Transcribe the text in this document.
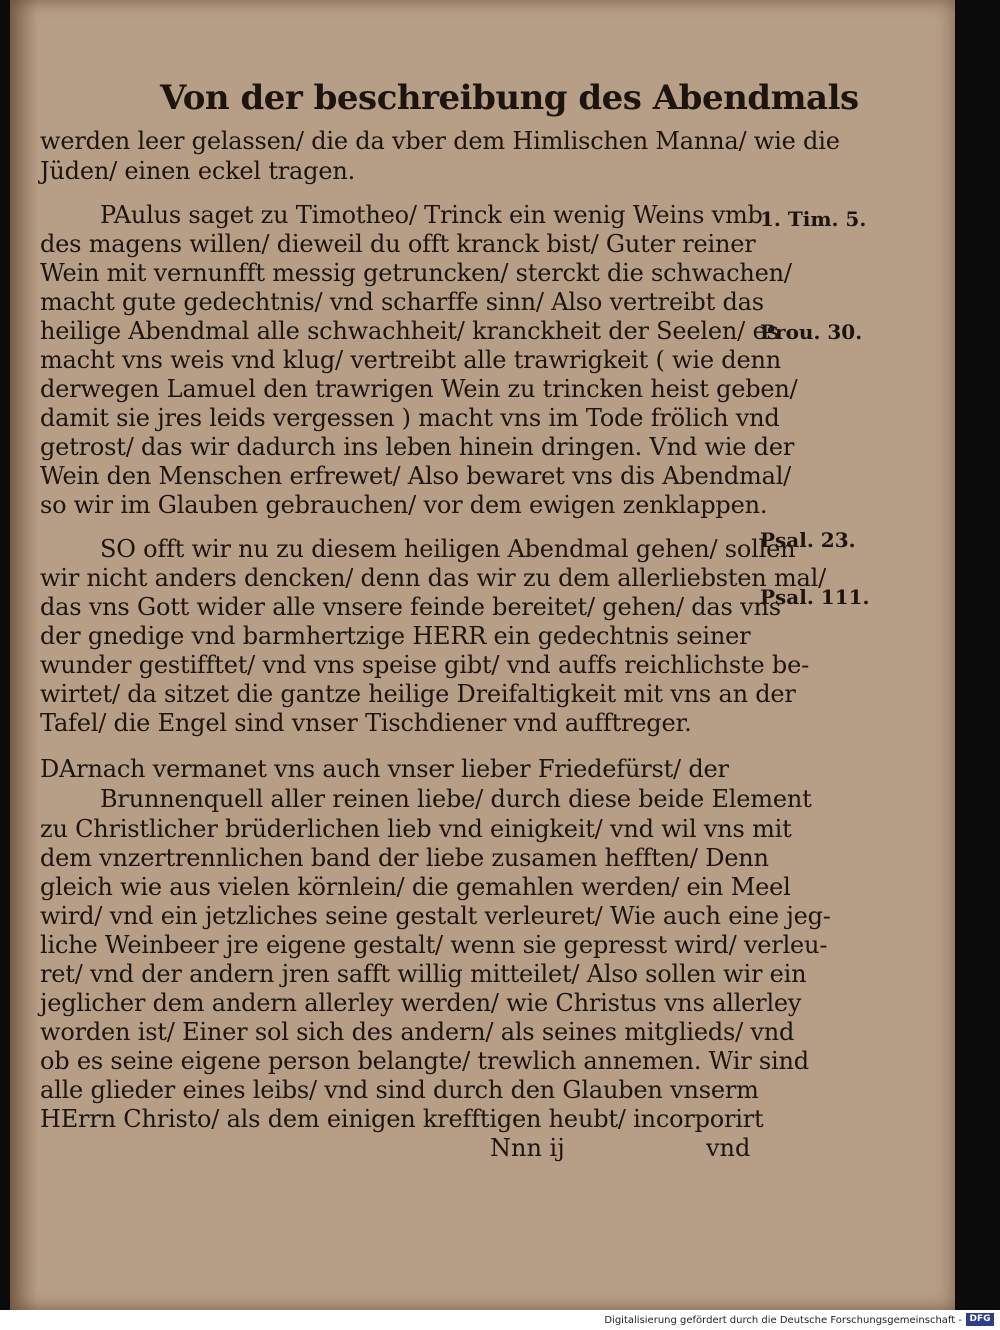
Von der beschreibung des Abendmals
werden leer gelassen/ die da vber dem Himlischen Manna/ wie die
Jüden/ einen eckel tragen.
PAulus saget zu Timotheo/ Trinck ein wenig Weins vmb
des magens willen/ dieweil du offt kranck bist/ Guter reiner
Wein mit vernunfft messig getruncken/ sterckt die schwachen/
macht gute gedechtnis/ vnd scharffe sinn/ Also vertreibt das
heilige Abendmal alle schwachheit/ kranckheit der Seelen/ es
macht vns weis vnd klug/ vertreibt alle trawrigkeit ( wie denn
derwegen Lamuel den trawrigen Wein zu trincken heist geben/
damit sie jres leids vergessen ) macht vns im Tode frölich vnd
getrost/ das wir dadurch ins leben hinein dringen. Vnd wie der
Wein den Menschen erfrewet/ Also bewaret vns dis Abendmal/
so wir im Glauben gebrauchen/ vor dem ewigen zenklappen.
SO offt wir nu zu diesem heiligen Abendmal gehen/ sollen
wir nicht anders dencken/ denn das wir zu dem allerliebsten mal/
das vns Gott wider alle vnsere feinde bereitet/ gehen/ das vns
der gnedige vnd barmhertzige HERR ein gedechtnis seiner
wunder gestifftet/ vnd vns speise gibt/ vnd auffs reichlichste be-
wirtet/ da sitzet die gantze heilige Dreifaltigkeit mit vns an der
Tafel/ die Engel sind vnser Tischdiener vnd aufftreger.
DArnach vermanet vns auch vnser lieber Friedefürst/ der
Brunnenquell aller reinen liebe/ durch diese beide Element
zu Christlicher brüderlichen lieb vnd einigkeit/ vnd wil vns mit
dem vnzertrennlichen band der liebe zusamen hefften/ Denn
gleich wie aus vielen körnlein/ die gemahlen werden/ ein Meel
wird/ vnd ein jetzliches seine gestalt verleuret/ Wie auch eine jeg-
liche Weinbeer jre eigene gestalt/ wenn sie gepresst wird/ verleu-
ret/ vnd der andern jren safft willig mitteilet/ Also sollen wir ein
jeglicher dem andern allerley werden/ wie Christus vns allerley
worden ist/ Einer sol sich des andern/ als seines mitglieds/ vnd
ob es seine eigene person belangte/ trewlich annemen. Wir sind
alle glieder eines leibs/ vnd sind durch den Glauben vnserm
HErrn Christo/ als dem einigen krefftigen heubt/ incorporirt
1. Tim. 5.
Prou. 30.
Psal. 23.
Psal. 111.
Nnn ij	vnd
Digitalisierung gefördert durch die Deutsche Forschungsgemeinschaft - DFG
